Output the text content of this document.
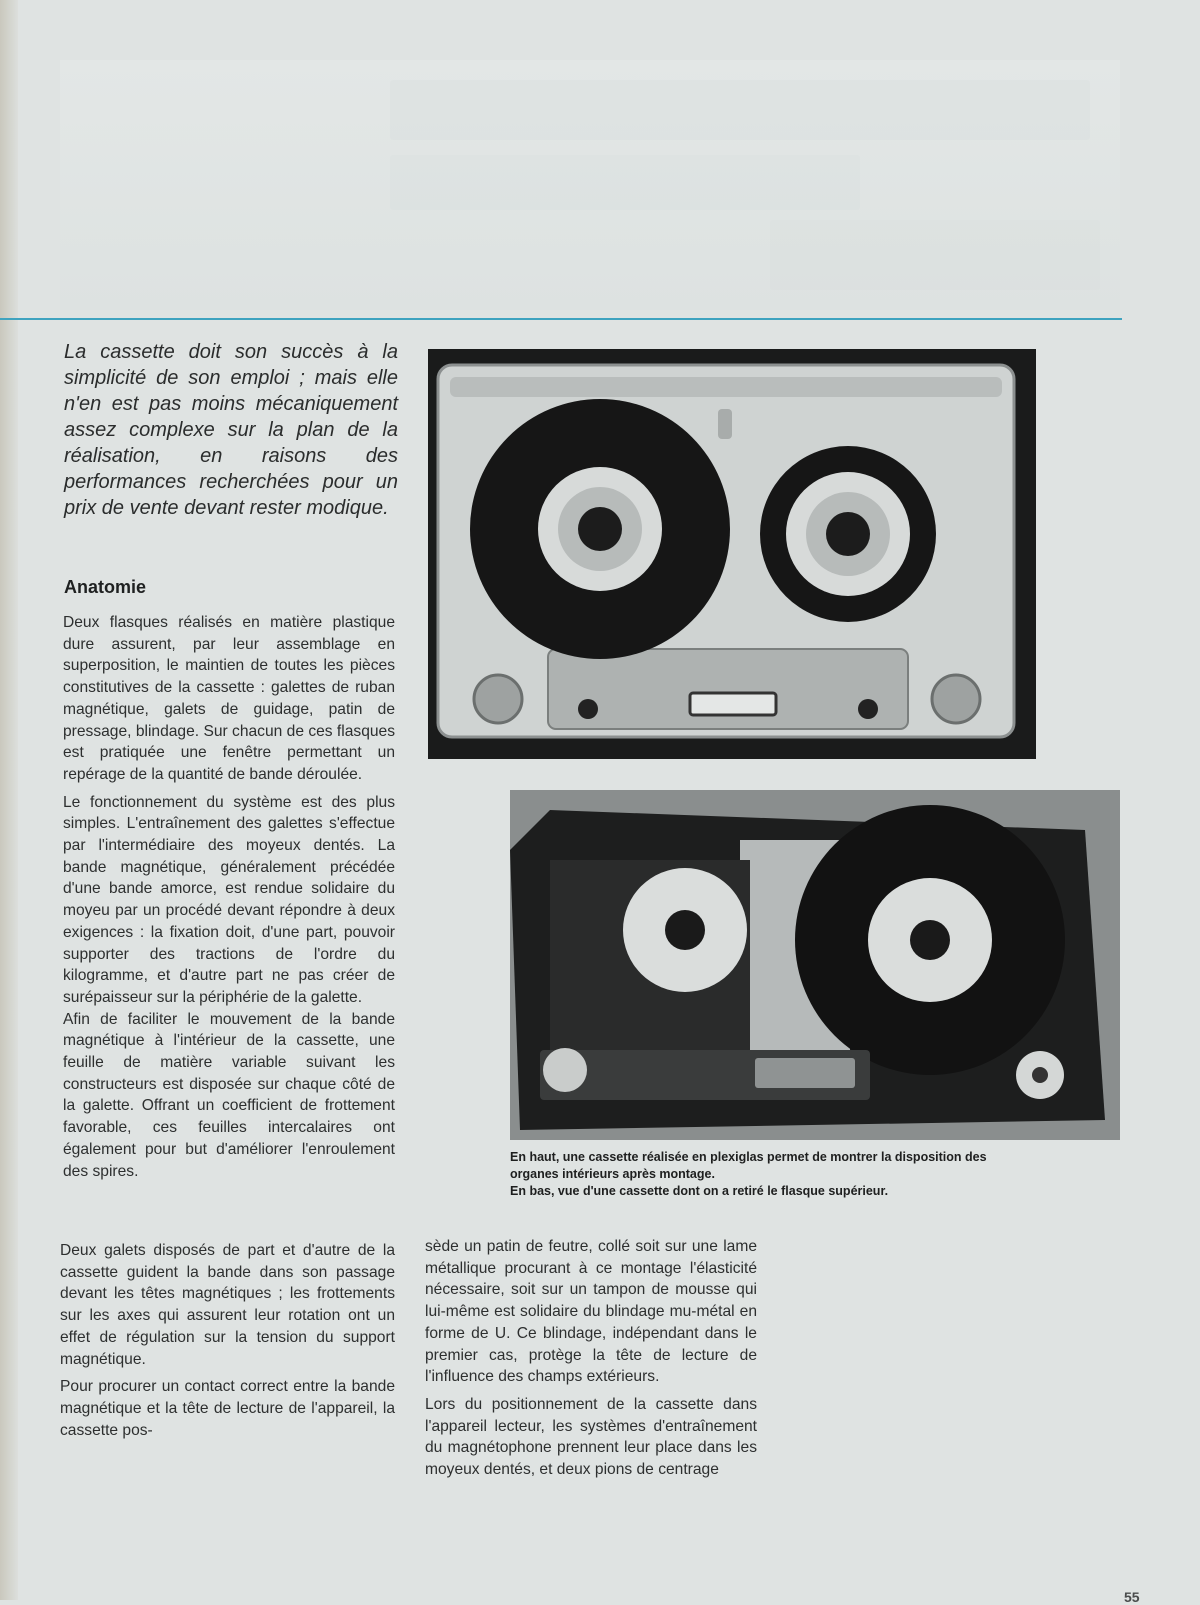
La cassette doit son succès à la simplicité de son emploi ; mais elle n'en est pas moins mécaniquement assez complexe sur la plan de la réalisation, en raisons des performances recherchées pour un prix de vente devant rester modique.
Anatomie

Deux flasques réalisés en matière plastique dure assurent, par leur assemblage en superposition, le maintien de toutes les pièces constitutives de la cassette : galettes de ruban magnétique, galets de guidage, patin de pressage, blindage. Sur chacun de ces flasques est pratiquée une fenêtre permettant un repérage de la quantité de bande déroulée.

Le fonctionnement du système est des plus simples. L'entraînement des galettes s'effectue par l'intermédiaire des moyeux dentés. La bande magnétique, généralement précédée d'une bande amorce, est rendue solidaire du moyeu par un procédé devant répondre à deux exigences : la fixation doit, d'une part, pouvoir supporter des tractions de l'ordre du kilogramme, et d'autre part ne pas créer de surépaisseur sur la périphérie de la galette.

Afin de faciliter le mouvement de la bande magnétique à l'intérieur de la cassette, une feuille de matière variable suivant les constructeurs est disposée sur chaque côté de la galette. Offrant un coefficient de frottement favorable, ces feuilles intercalaires ont également pour but d'améliorer l'enroulement des spires.

Deux galets disposés de part et d'autre de la cassette guident la bande dans son passage devant les têtes magnétiques ; les frottements sur les axes qui assurent leur rotation ont un effet de régulation sur la tension du support magnétique.

Pour procurer un contact correct entre la bande magnétique et la tête de lecture de l'appareil, la cassette pos-

sède un patin de feutre, collé soit sur une lame métallique procurant à ce montage l'élasticité nécessaire, soit sur un tampon de mousse qui lui-même est solidaire du blindage mu-métal en forme de U. Ce blindage, indépendant dans le premier cas, protège la tête de lecture de l'influence des champs extérieurs.

Lors du positionnement de la cassette dans l'appareil lecteur, les systèmes d'entraînement du magnétophone prennent leur place dans les moyeux dentés, et deux pions de centrage

En haut, une cassette réalisée en plexiglas permet de montrer la disposition des
organes intérieurs après montage.
En bas, vue d'une cassette dont on a retiré le flasque supérieur.
55
